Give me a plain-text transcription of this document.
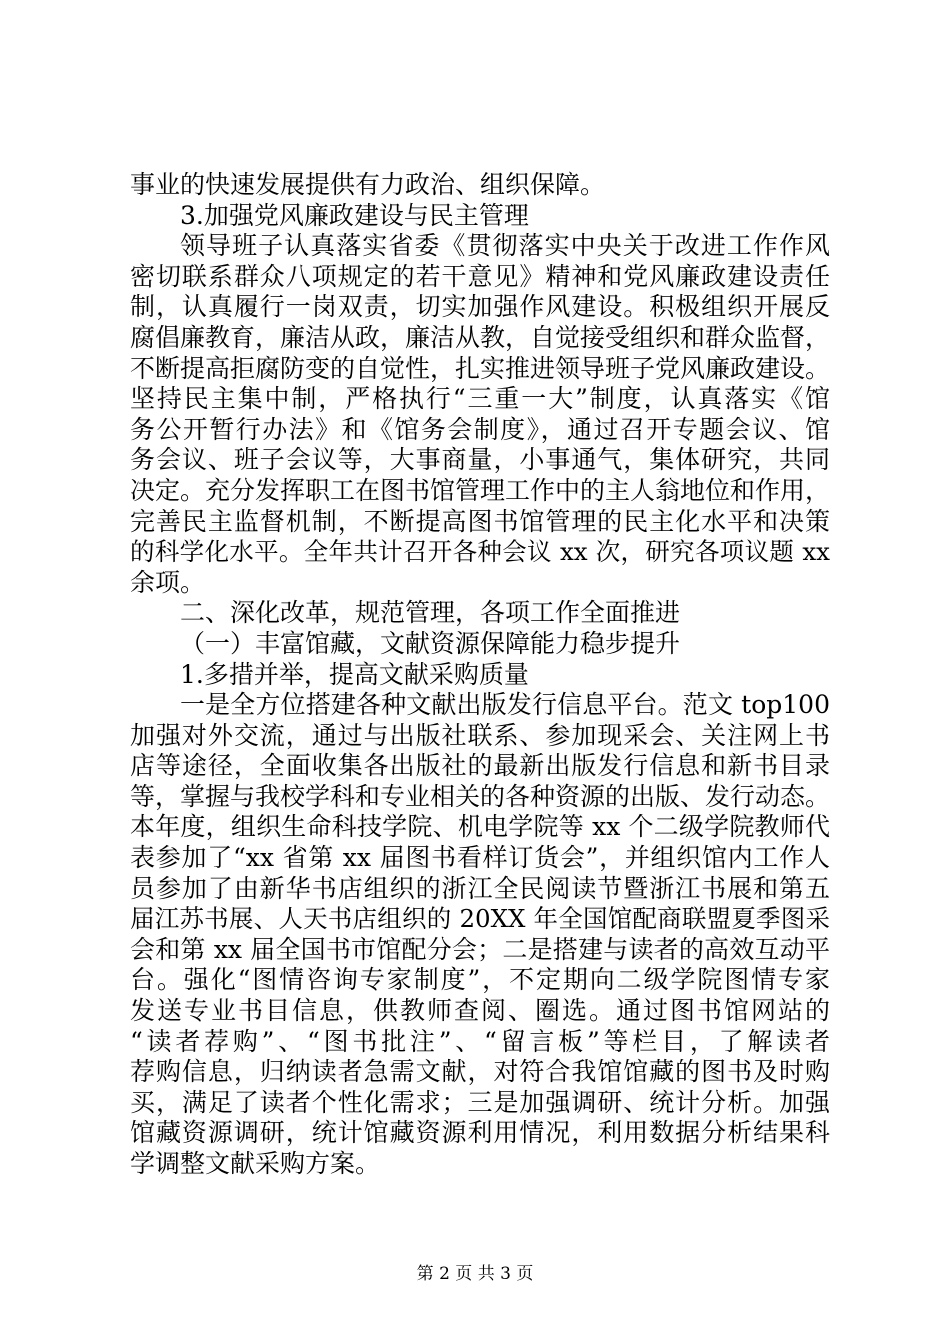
事业的快速发展提供有力政治、组织保障。
3.加强党风廉政建设与民主管理
领导班子认真落实省委《贯彻落实中央关于改进工作作风
密切联系群众八项规定的若干意见》精神和党风廉政建设责任
制，认真履行一岗双责，切实加强作风建设。积极组织开展反
腐倡廉教育，廉洁从政，廉洁从教，自觉接受组织和群众监督，
不断提高拒腐防变的自觉性，扎实推进领导班子党风廉政建设。
坚持民主集中制，严格执行“三重一大”制度，认真落实《馆
务公开暂行办法》和《馆务会制度》，通过召开专题会议、馆
务会议、班子会议等，大事商量，小事通气，集体研究，共同
决定。充分发挥职工在图书馆管理工作中的主人翁地位和作用，
完善民主监督机制，不断提高图书馆管理的民主化水平和决策
的科学化水平。全年共计召开各种会议 xx 次，研究各项议题 xx
余项。
二、深化改革，规范管理，各项工作全面推进
（一）丰富馆藏，文献资源保障能力稳步提升
1.多措并举，提高文献采购质量
一是全方位搭建各种文献出版发行信息平台。范文 top100
加强对外交流，通过与出版社联系、参加现采会、关注网上书
店等途径，全面收集各出版社的最新出版发行信息和新书目录
等，掌握与我校学科和专业相关的各种资源的出版、发行动态。
本年度，组织生命科技学院、机电学院等 xx 个二级学院教师代
表参加了“xx 省第 xx 届图书看样订货会”，并组织馆内工作人
员参加了由新华书店组织的浙江全民阅读节暨浙江书展和第五
届江苏书展、人天书店组织的 20XX 年全国馆配商联盟夏季图采
会和第 xx 届全国书市馆配分会；二是搭建与读者的高效互动平
台。强化“图情咨询专家制度”，不定期向二级学院图情专家
发送专业书目信息，供教师查阅、圈选。通过图书馆网站的
“读者荐购”、“图书批注”、“留言板”等栏目，了解读者
荐购信息，归纳读者急需文献，对符合我馆馆藏的图书及时购
买，满足了读者个性化需求；三是加强调研、统计分析。加强
馆藏资源调研，统计馆藏资源利用情况，利用数据分析结果科
学调整文献采购方案。
第 2 页 共 3 页
